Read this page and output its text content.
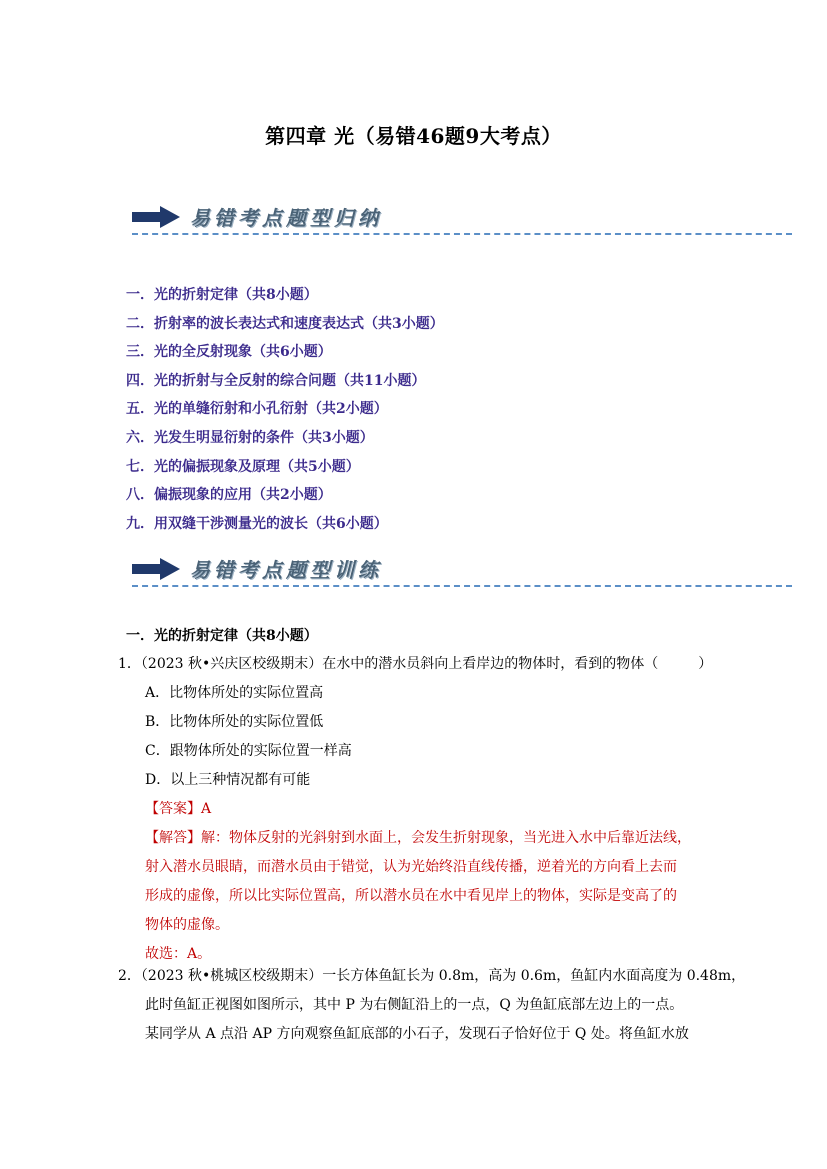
第四章 光（易错46题9大考点）
易错考点题型归纳
一．光的折射定律（共8小题）
二．折射率的波长表达式和速度表达式（共3小题）
三．光的全反射现象（共6小题）
四．光的折射与全反射的综合问题（共11小题）
五．光的单缝衍射和小孔衍射（共2小题）
六．光发生明显衍射的条件（共3小题）
七．光的偏振现象及原理（共5小题）
八．偏振现象的应用（共2小题）
九．用双缝干涉测量光的波长（共6小题）
易错考点题型训练
一．光的折射定律（共8小题）
1．（2023 秋•兴庆区校级期末）在水中的潜水员斜向上看岸边的物体时，看到的物体（	）
A．比物体所处的实际位置高
B．比物体所处的实际位置低
C．跟物体所处的实际位置一样高
D．以上三种情况都有可能
【答案】A
【解答】解：物体反射的光斜射到水面上，会发生折射现象，当光进入水中后靠近法线，
射入潜水员眼睛，而潜水员由于错觉，认为光始终沿直线传播，逆着光的方向看上去而
形成的虚像，所以比实际位置高，所以潜水员在水中看见岸上的物体，实际是变高了的
物体的虚像。
故选：A。
2．（2023 秋•桃城区校级期末）一长方体鱼缸长为 0.8m，高为 0.6m，鱼缸内水面高度为 0.48m，
此时鱼缸正视图如图所示，其中 P 为右侧缸沿上的一点，Q 为鱼缸底部左边上的一点。
某同学从 A 点沿 AP 方向观察鱼缸底部的小石子，发现石子恰好位于 Q 处。将鱼缸水放
